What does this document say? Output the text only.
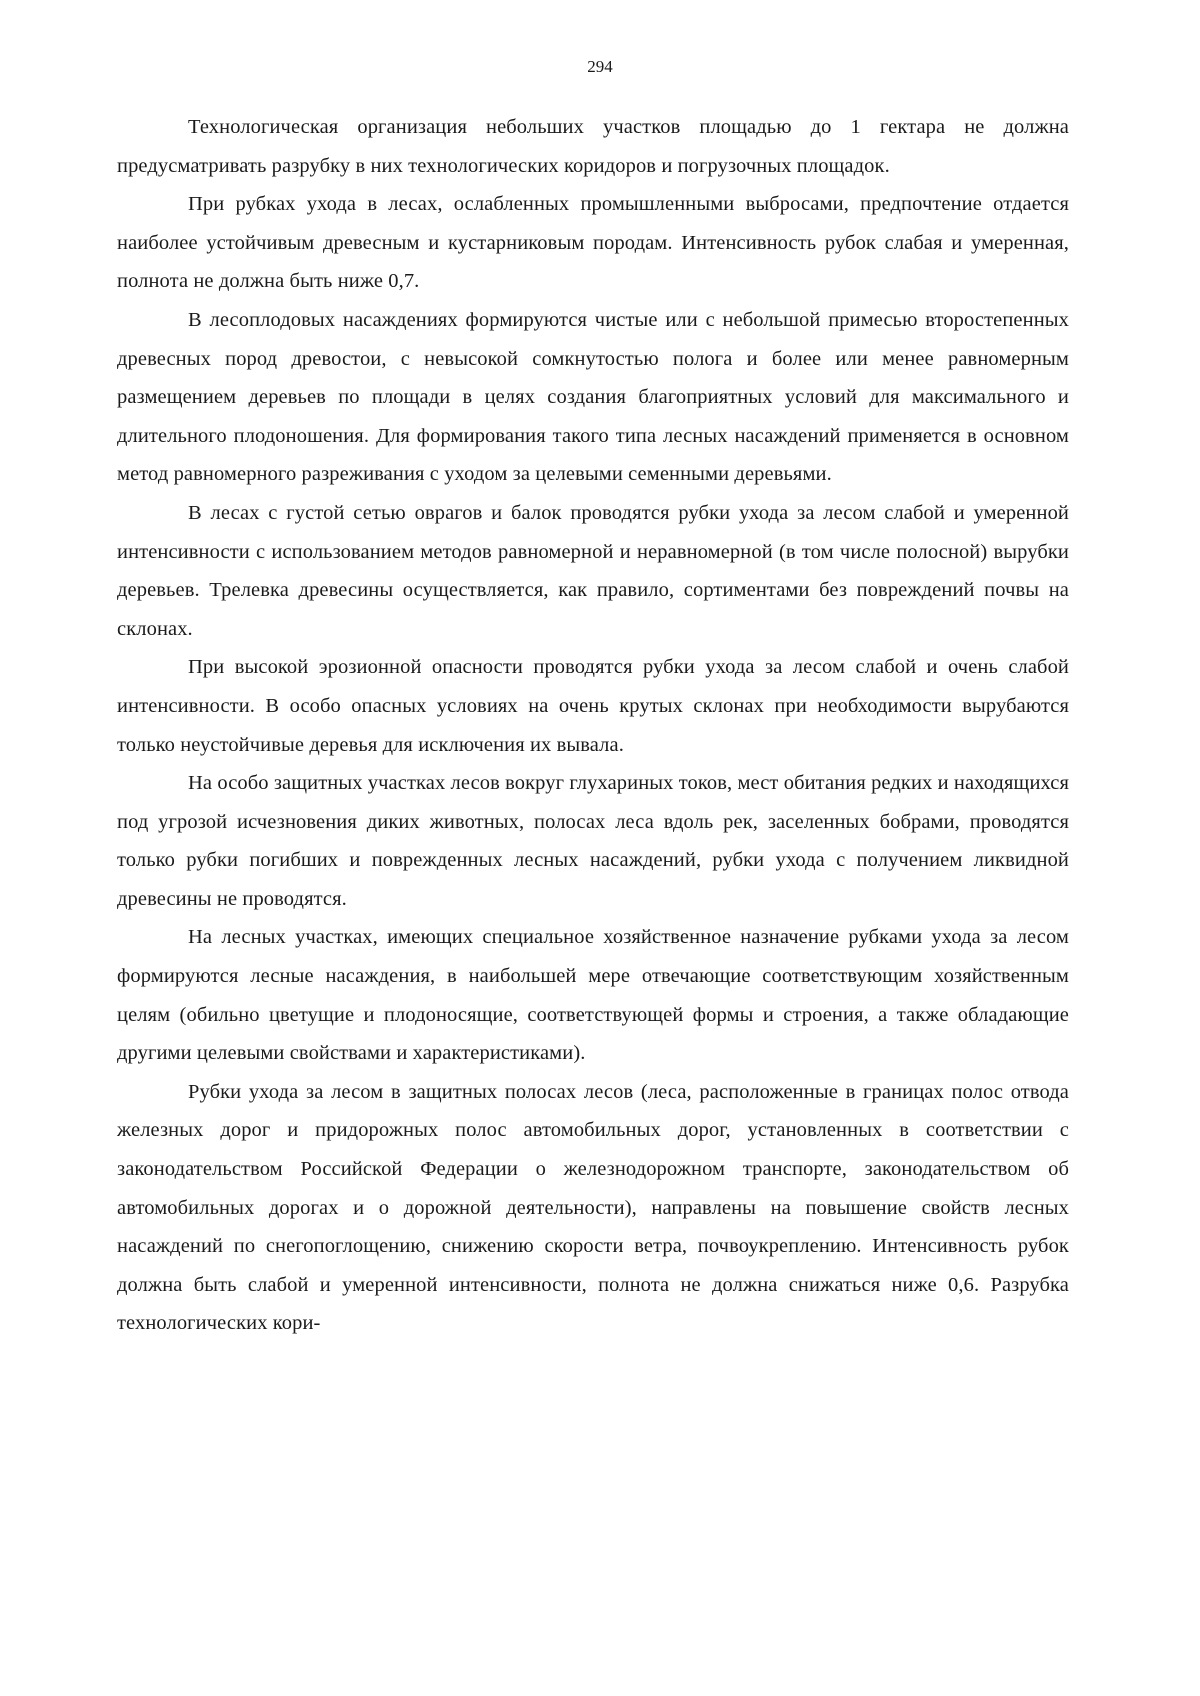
294

Технологическая организация небольших участков площадью до 1 гектара не должна предусматривать разрубку в них технологических коридоров и погрузочных площадок.

При рубках ухода в лесах, ослабленных промышленными выбросами, предпочтение отдается наиболее устойчивым древесным и кустарниковым породам. Интенсивность рубок слабая и умеренная, полнота не должна быть ниже 0,7.

В лесоплодовых насаждениях формируются чистые или с небольшой примесью второстепенных древесных пород древостои, с невысокой сомкнутостью полога и более или менее равномерным размещением деревьев по площади в целях создания благоприятных условий для максимального и длительного плодоношения. Для формирования такого типа лесных насаждений применяется в основном метод равномерного разреживания с уходом за целевыми семенными деревьями.

В лесах с густой сетью оврагов и балок проводятся рубки ухода за лесом слабой и умеренной интенсивности с использованием методов равномерной и неравномерной (в том числе полосной) вырубки деревьев. Трелевка древесины осуществляется, как правило, сортиментами без повреждений почвы на склонах.

При высокой эрозионной опасности проводятся рубки ухода за лесом слабой и очень слабой интенсивности. В особо опасных условиях на очень крутых склонах при необходимости вырубаются только неустойчивые деревья для исключения их вывала.

На особо защитных участках лесов вокруг глухариных токов, мест обитания редких и находящихся под угрозой исчезновения диких животных, полосах леса вдоль рек, заселенных бобрами, проводятся только рубки погибших и поврежденных лесных насаждений, рубки ухода с получением ликвидной древесины не проводятся.

На лесных участках, имеющих специальное хозяйственное назначение рубками ухода за лесом формируются лесные насаждения, в наибольшей мере отвечающие соответствующим хозяйственным целям (обильно цветущие и плодоносящие, соответствующей формы и строения, а также обладающие другими целевыми свойствами и характеристиками).

Рубки ухода за лесом в защитных полосах лесов (леса, расположенные в границах полос отвода железных дорог и придорожных полос автомобильных дорог, установленных в соответствии с законодательством Российской Федерации о железнодорожном транспорте, законодательством об автомобильных дорогах и о дорожной деятельности), направлены на повышение свойств лесных насаждений по снегопоглощению, снижению скорости ветра, почвоукреплению. Интенсивность рубок должна быть слабой и умеренной интенсивности, полнота не должна снижаться ниже 0,6. Разрубка технологических кори-
